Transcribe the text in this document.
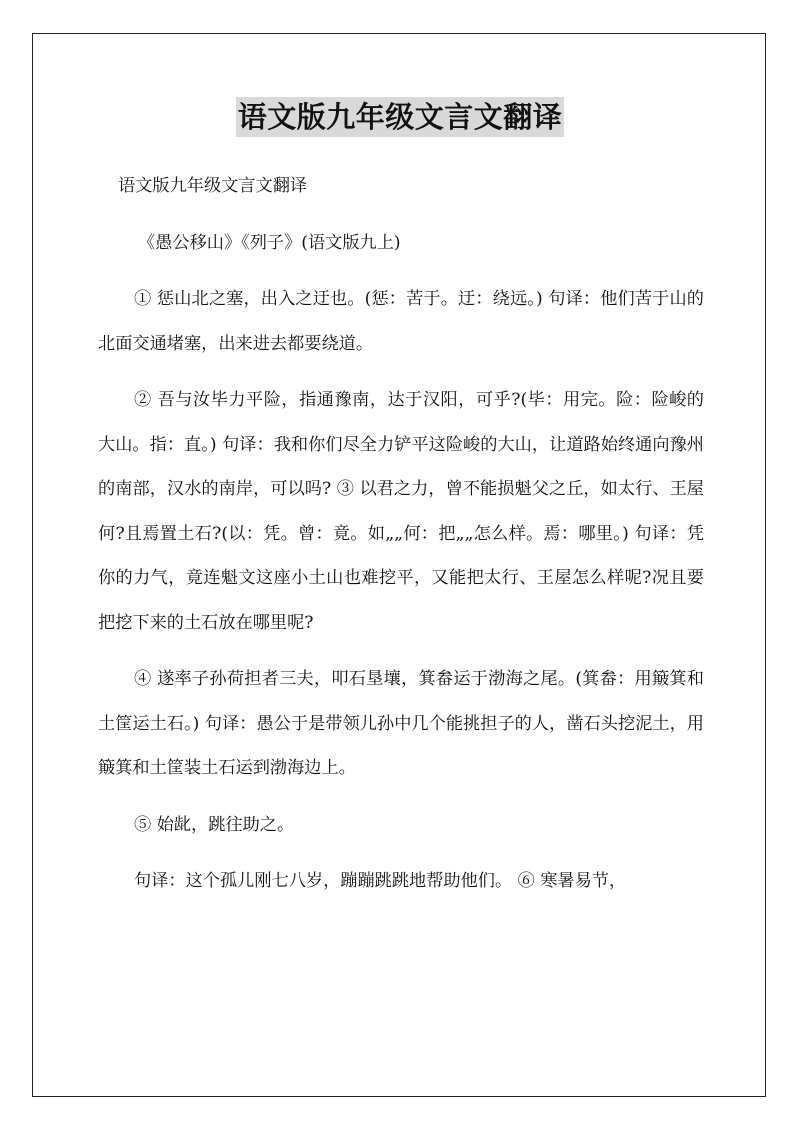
语文版九年级文言文翻译

语文版九年级文言文翻译

《愚公移山》《列子》(语文版九上)

① 惩山北之塞，出入之迂也。(惩：苦于。迂：绕远。) 句译：他们苦于山的北面交通堵塞，出来进去都要绕道。

② 吾与汝毕力平险，指通豫南，达于汉阳，可乎?(毕：用完。险：险峻的大山。指：直。) 句译：我和你们尽全力铲平这险峻的大山，让道路始终通向豫州的南部，汉水的南岸，可以吗? ③ 以君之力，曾不能损魁父之丘，如太行、王屋何?且焉置土石?(以：凭。曾：竟。如„„何：把„„怎么样。焉：哪里。) 句译：凭你的力气，竟连魁文这座小土山也难挖平，又能把太行、王屋怎么样呢?况且要把挖下来的土石放在哪里呢?

④ 遂率子孙荷担者三夫，叩石垦壤，箕畚运于渤海之尾。(箕畚：用簸箕和土筐运土石。) 句译：愚公于是带领儿孙中几个能挑担子的人，凿石头挖泥土，用簸箕和土筐装土石运到渤海边上。

⑤ 始龀，跳往助之。

句译：这个孤儿刚七八岁，蹦蹦跳跳地帮助他们。 ⑥ 寒暑易节，
